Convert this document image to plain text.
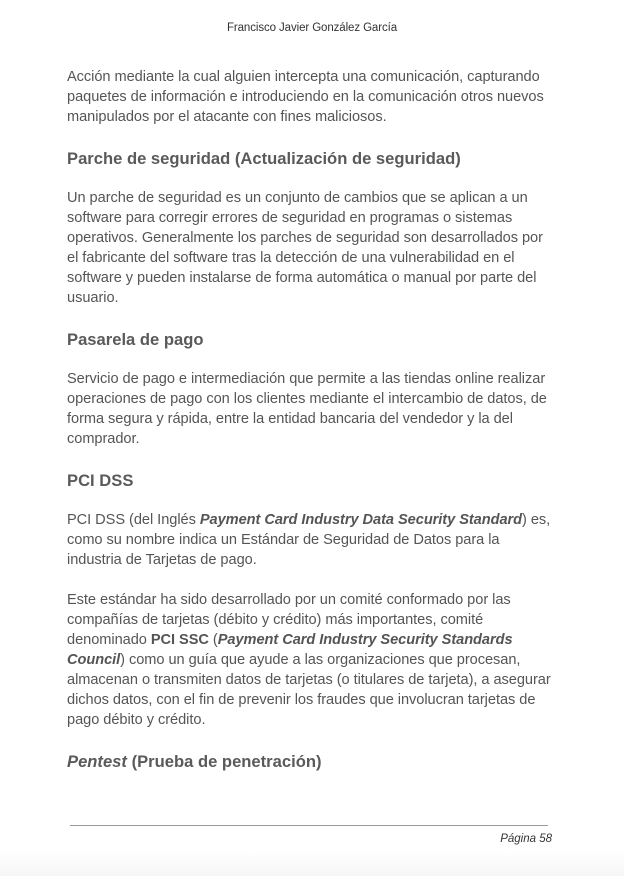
Francisco Javier González García

Acción mediante la cual alguien intercepta una comunicación, capturando paquetes de información e introduciendo en la comunicación otros nuevos manipulados por el atacante con fines maliciosos.

Parche de seguridad (Actualización de seguridad)

Un parche de seguridad es un conjunto de cambios que se aplican a un software para corregir errores de seguridad en programas o sistemas operativos. Generalmente los parches de seguridad son desarrollados por el fabricante del software tras la detección de una vulnerabilidad en el software y pueden instalarse de forma automática o manual por parte del usuario.

Pasarela de pago

Servicio de pago e intermediación que permite a las tiendas online realizar operaciones de pago con los clientes mediante el intercambio de datos, de forma segura y rápida, entre la entidad bancaria del vendedor y la del comprador.

PCI DSS

PCI DSS (del Inglés Payment Card Industry Data Security Standard) es, como su nombre indica un Estándar de Seguridad de Datos para la industria de Tarjetas de pago.

Este estándar ha sido desarrollado por un comité conformado por las compañías de tarjetas (débito y crédito) más importantes, comité denominado PCI SSC (Payment Card Industry Security Standards Council) como un guía que ayude a las organizaciones que procesan, almacenan o transmiten datos de tarjetas (o titulares de tarjeta), a asegurar dichos datos, con el fin de prevenir los fraudes que involucran tarjetas de pago débito y crédito.

Pentest (Prueba de penetración)
Página 58
